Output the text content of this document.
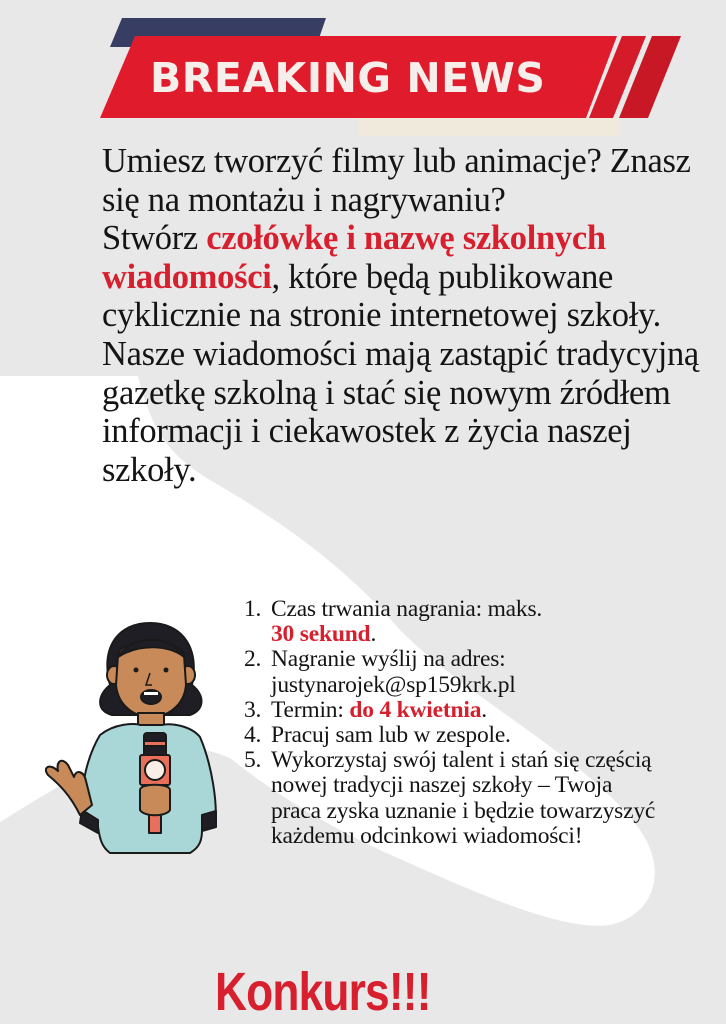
BREAKING NEWS

Umiesz tworzyć filmy lub animacje? Znasz się na montażu i nagrywaniu?

Stwórz czołówkę i nazwę szkolnych wiadomości, które będą publikowane cyklicznie na stronie internetowej szkoły.

Nasze wiadomości mają zastąpić tradycyjną gazetkę szkolną i stać się nowym źródłem informacji i ciekawostek z życia naszej szkoły.

1. Czas trwania nagrania: maks.
30 sekund.
2. Nagranie wyślij na adres: justynarojek@sp159krk.pl
3. Termin: do 4 kwietnia.
4. Pracuj sam lub w zespole.
5. Wykorzystaj swój talent i stań się częścią nowej tradycji naszej szkoły – Twoja praca zyska uznanie i będzie towarzyszyć każdemu odcinkowi wiadomości!
Konkurs!!!
